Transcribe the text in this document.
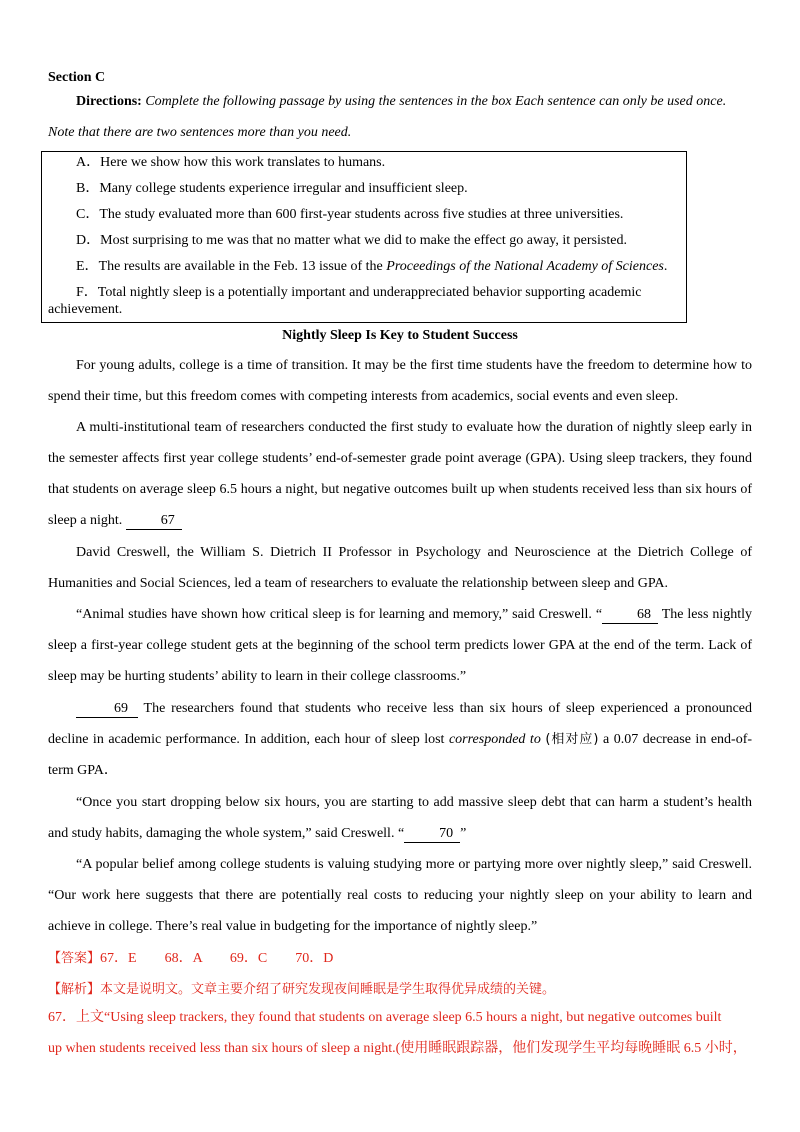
Section C
Directions: Complete the following passage by using the sentences in the box Each sentence can only be used once.
Note that there are two sentences more than you need.
A．Here we show how this work translates to humans.
B．Many college students experience irregular and insufficient sleep.
C．The study evaluated more than 600 first-year students across five studies at three universities.
D．Most surprising to me was that no matter what we did to make the effect go away, it persisted.
E．The results are available in the Feb. 13 issue of the Proceedings of the National Academy of Sciences.
F．Total nightly sleep is a potentially important and underappreciated behavior supporting academic
achievement.
Nightly Sleep Is Key to Student Success
For young adults, college is a time of transition. It may be the first time students have the freedom to determine how to spend their time, but this freedom comes with competing interests from academics, social events and even sleep.
A multi-institutional team of researchers conducted the first study to evaluate how the duration of nightly sleep early in the semester affects first year college students’ end-of-semester grade point average (GPA). Using sleep trackers, they found that students on average sleep 6.5 hours a night, but negative outcomes built up when students received less than six hours of sleep a night.	67
David Creswell, the William S. Dietrich II Professor in Psychology and Neuroscience at the Dietrich College of Humanities and Social Sciences, led a team of researchers to evaluate the relationship between sleep and GPA.
“Animal studies have shown how critical sleep is for learning and memory,” said Creswell. “	68 The less nightly sleep a first-year college student gets at the beginning of the school term predicts lower GPA at the end of the term. Lack of sleep may be hurting students’ ability to learn in their college classrooms.”
69 The researchers found that students who receive less than six hours of sleep experienced a pronounced decline in academic performance. In addition, each hour of sleep lost corresponded to (相对应) a 0.07 decrease in end-of-term GPA．
“Once you start dropping below six hours, you are starting to add massive sleep debt that can harm a student’s health and study habits, damaging the whole system,” said Creswell. “	70 ”
“A popular belief among college students is valuing studying more or partying more over nightly sleep,” said Creswell. “Our work here suggests that there are potentially real costs to reducing your nightly sleep on your ability to learn and achieve in college. There’s real value in budgeting for the importance of nightly sleep.”
【答案】67．E　　68．A　　69．C　　70．D
【解析】本文是说明文。文章主要介绍了研究发现夜间睡眠是学生取得优异成绩的关键。
67．上文“Using sleep trackers, they found that students on average sleep 6.5 hours a night, but negative outcomes built
up when students received less than six hours of sleep a night.(使用睡眠跟踪器，他们发现学生平均每晚睡眠 6.5 小时，
